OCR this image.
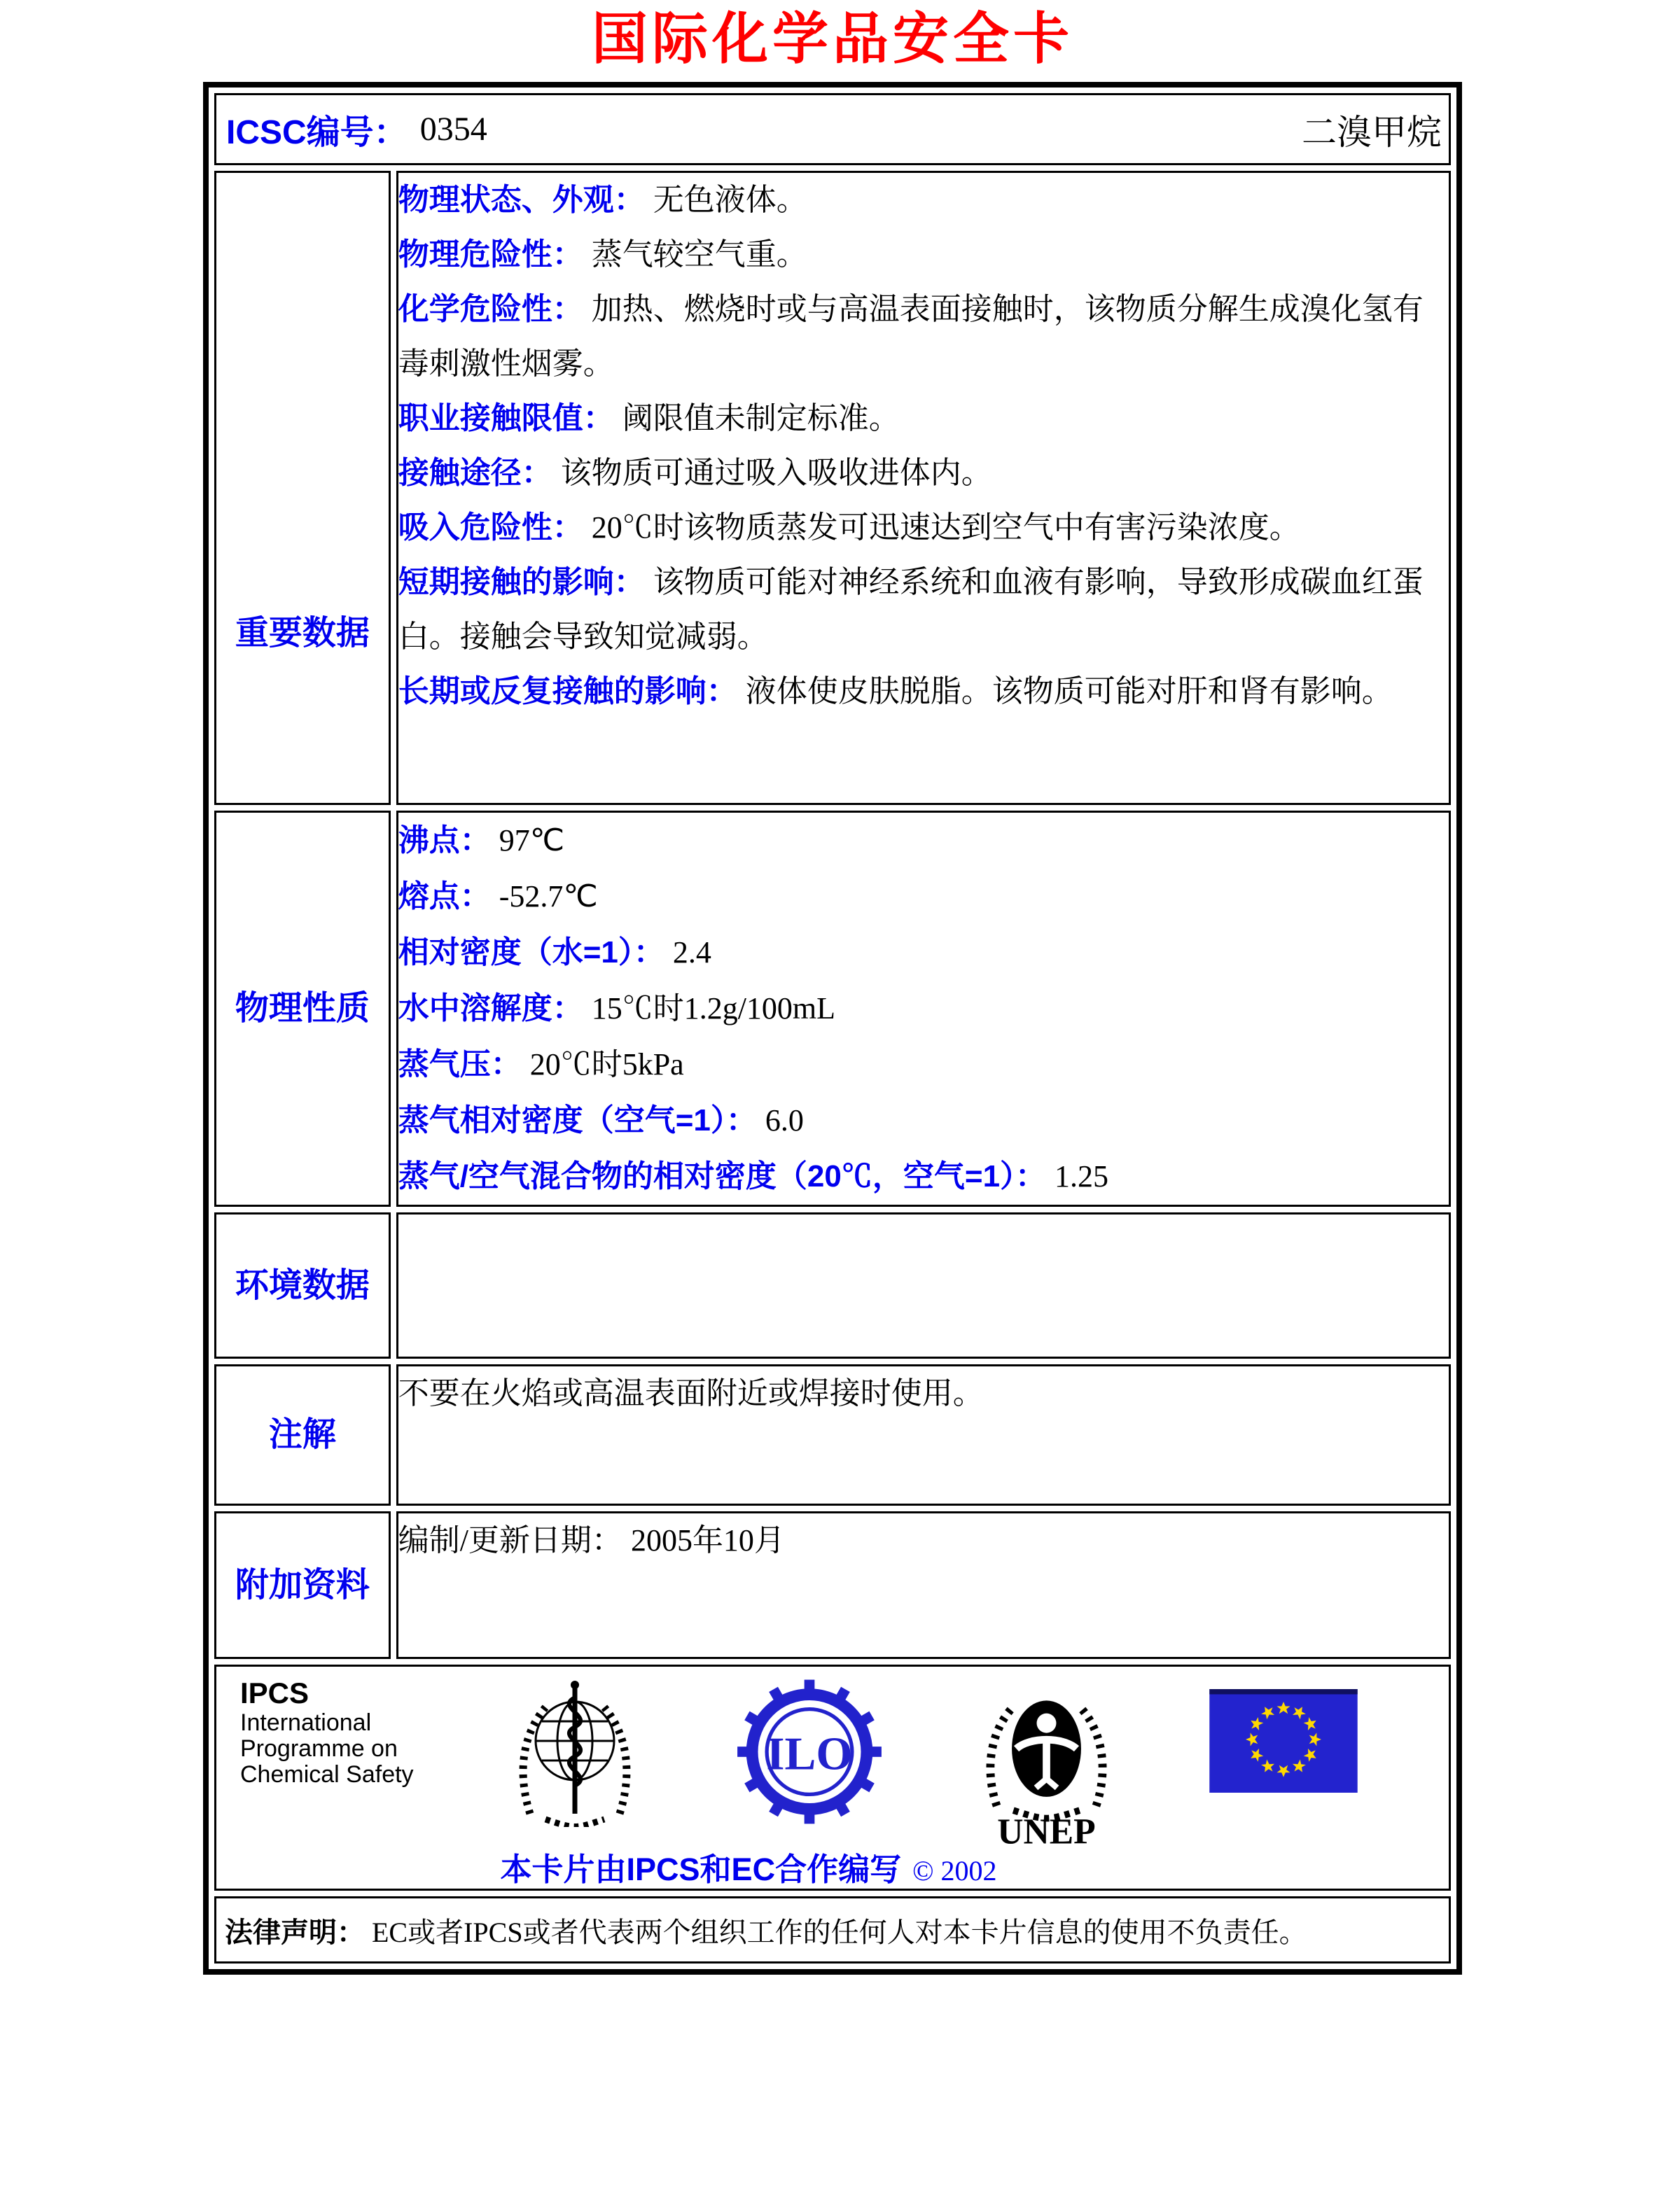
国际化学品安全卡
ICSC编号： 0354 二溴甲烷	

重要数据

物理状态、外观： 无色液体。
物理危险性： 蒸气较空气重。
化学危险性： 加热、燃烧时或与高温表面接触时，该物质分解生成溴化氢有毒刺激性烟雾。
职业接触限值： 阈限值未制定标准。
接触途径： 该物质可通过吸入吸收进体内。
吸入危险性： 20℃时该物质蒸发可迅速达到空气中有害污染浓度。
短期接触的影响： 该物质可能对神经系统和血液有影响，导致形成碳血红蛋白。接触会导致知觉减弱。
长期或反复接触的影响： 液体使皮肤脱脂。该物质可能对肝和肾有影响。

物理性质	
沸点： 97℃
熔点： -52.7℃
相对密度（水=1）： 2.4
水中溶解度： 15℃时1.2g/100mL
蒸气压： 20℃时5kPa
蒸气相对密度（空气=1）： 6.0
蒸气/空气混合物的相对密度（20℃，空气=1）： 1.25

环境数据	
注解	不要在火焰或高温表面附近或焊接时使用。

附加资料	编制/更新日期： 2005年10月

IPCS
International
Programme on
Chemical Safety	ILO
UNEP
本卡片由IPCS和EC合作编写 © 2002

法律声明： EC或者IPCS或者代表两个组织工作的任何人对本卡片信息的使用不负责任。	
